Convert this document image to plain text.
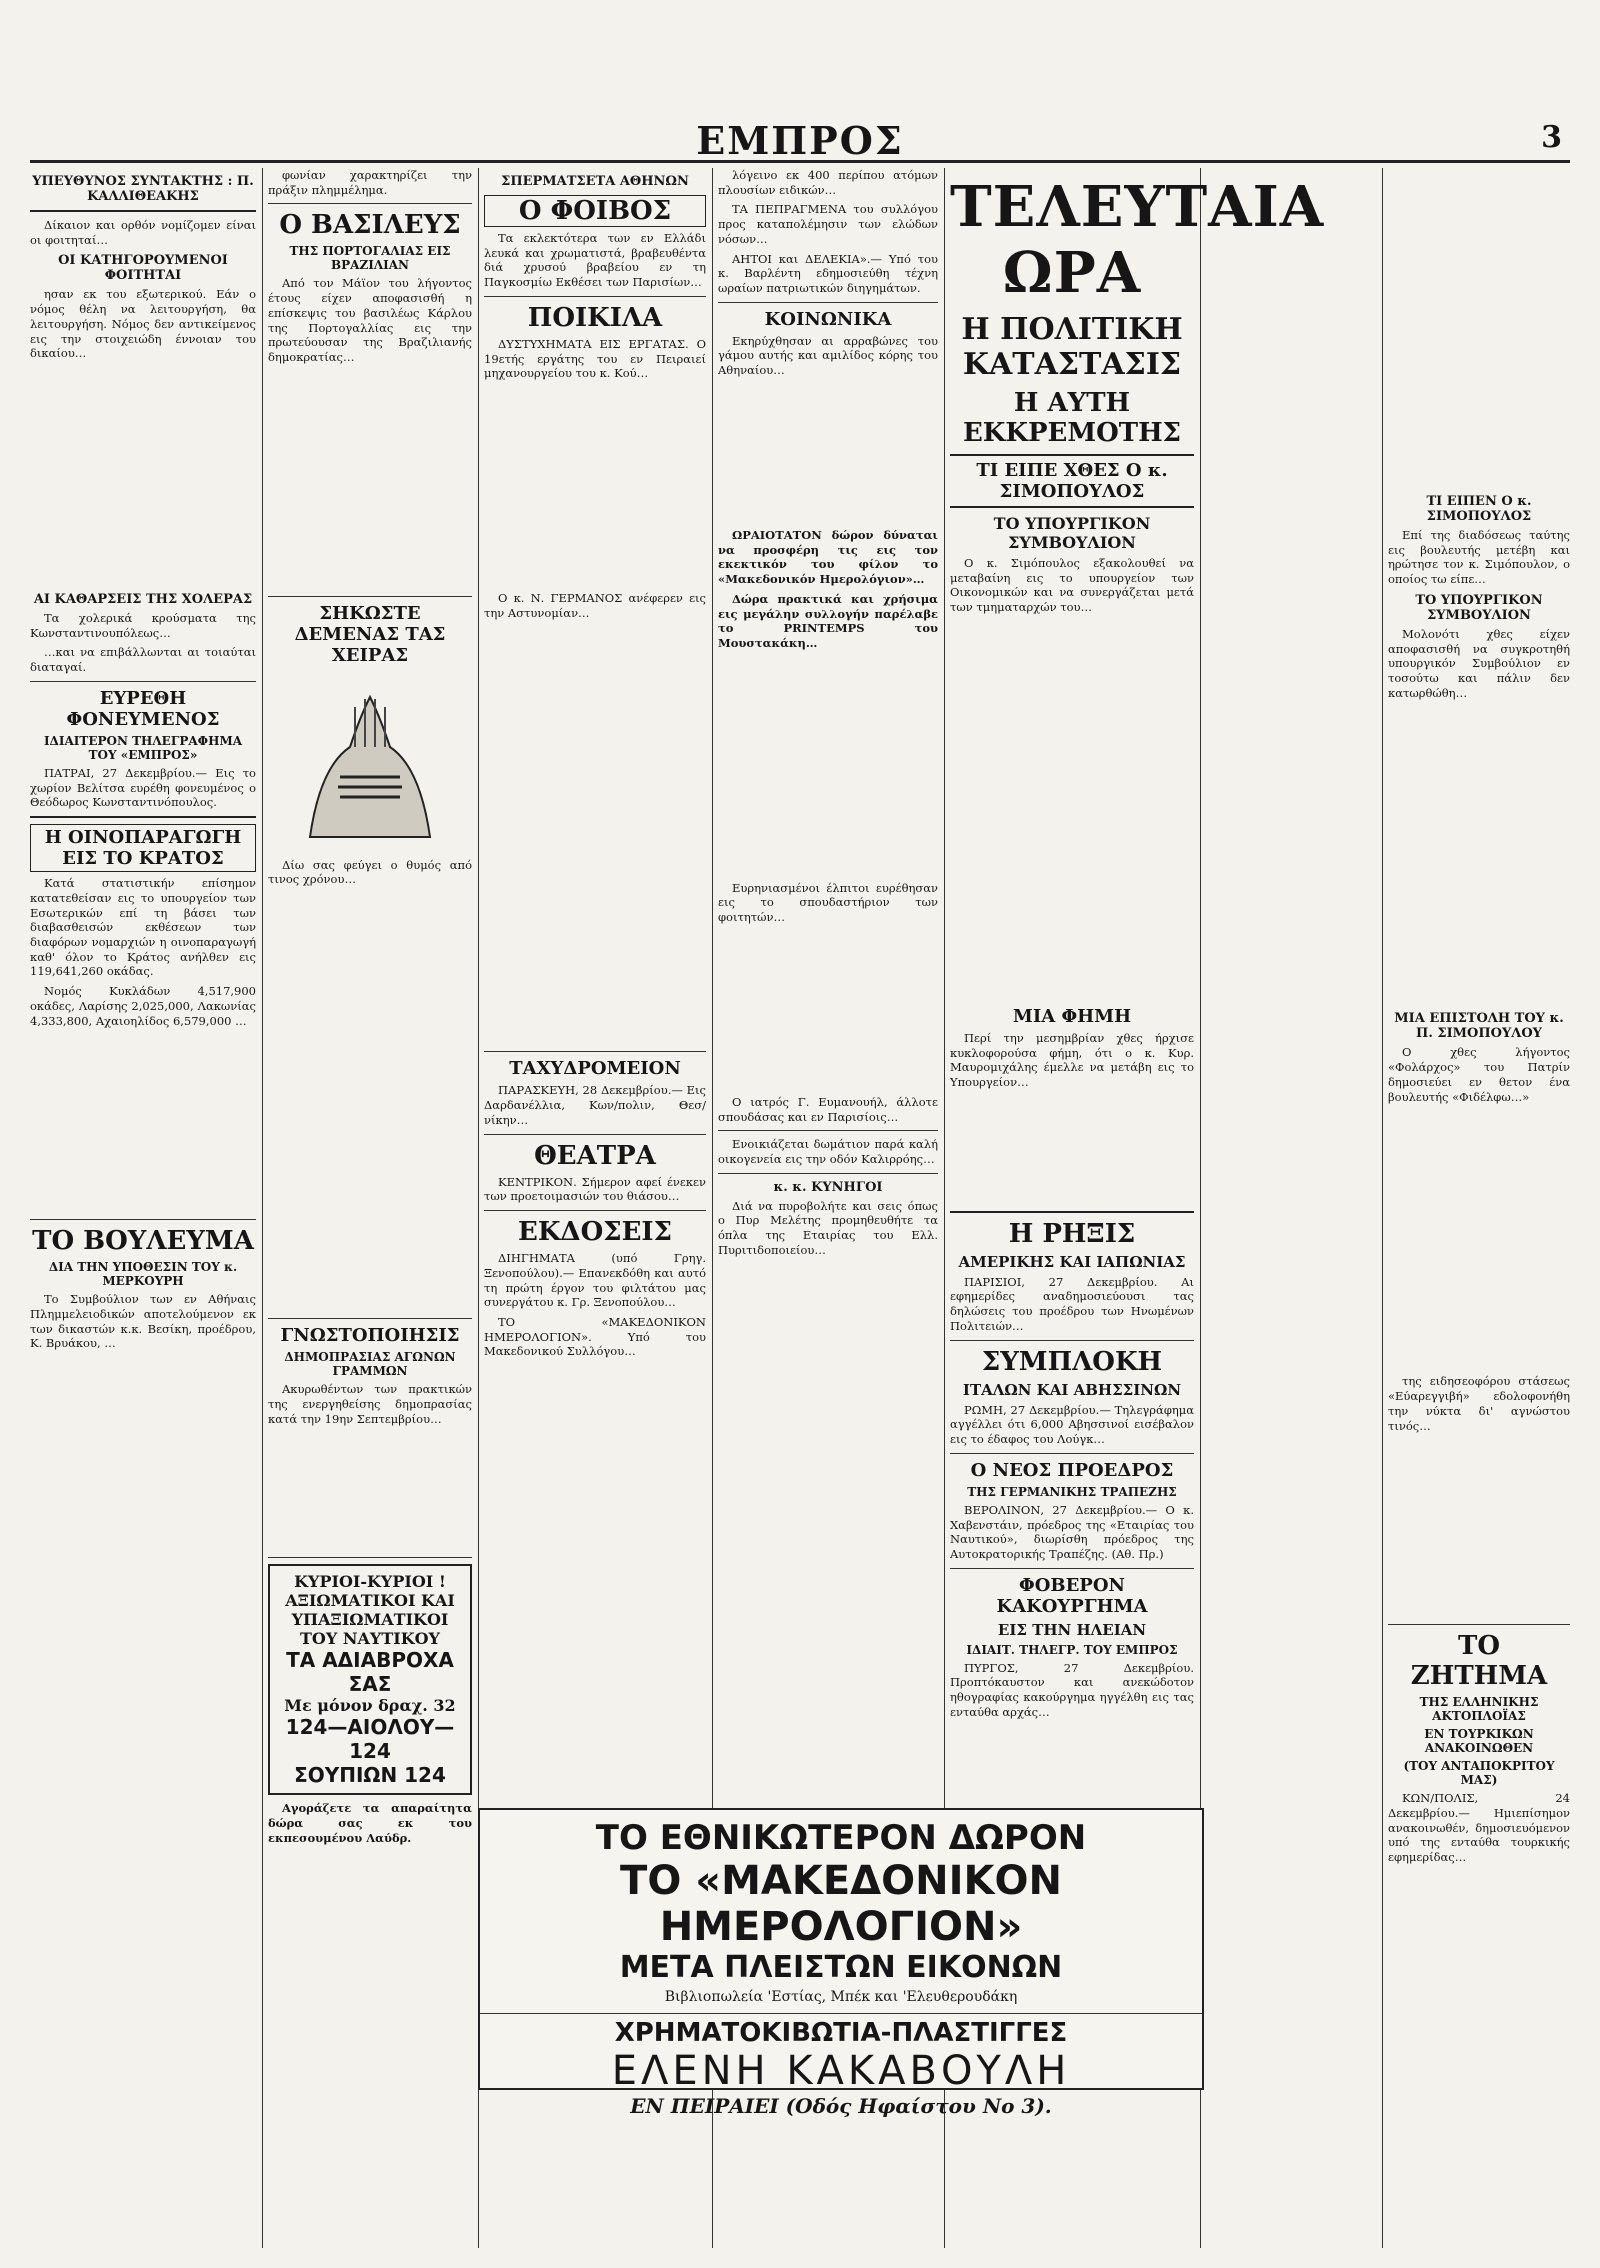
ΕΜΠΡΟΣ	3
ΥΠΕΥΘΥΝΟΣ ΣΥΝΤΑΚΤΗΣ : Π. ΚΑΛΛΙΘΕΑΚΗΣ

Δίκαιον και ορθόν νομίζομεν είναι οι φοιτηταί…

ΟΙ ΚΑΤΗΓΟΡΟΥΜΕΝΟΙ ΦΟΙΤΗΤΑΙ

ησαν εκ του εξωτερικού. Εάν ο νόμος θέλη να λειτουργήση, θα λειτουργήση. Νόμος δεν αντικείμενος εις την στοιχειώδη έννοιαν του δικαίου…

ΑΙ ΚΑΘΑΡΣΕΙΣ ΤΗΣ ΧΟΛΕΡΑΣ

Τα χολερικά κρούσματα της Κωνσταντινουπόλεως…

…και να επιβάλλωνται αι τοιαύται διαταγαί.

ΕΥΡΕΘΗ ΦΟΝΕΥΜΕΝΟΣ
ΙΔΙΑΙΤΕΡΟΝ ΤΗΛΕΓΡΑΦΗΜΑ ΤΟΥ «ΕΜΠΡΟΣ»

ΠΑΤΡΑΙ, 27 Δεκεμβρίου.— Εις το χωρίον Βελίτσα ευρέθη φονευμένος ο Θεόδωρος Κωνσταντινόπουλος.

Η ΟΙΝΟΠΑΡΑΓΩΓΗ ΕΙΣ ΤΟ ΚΡΑΤΟΣ

Κατά στατιστικήν επίσημον κατατεθείσαν εις το υπουργείον των Εσωτερικών επί τη βάσει των διαβασθεισών εκθέσεων των διαφόρων νομαρχιών η οινοπαραγωγή καθ' όλον το Κράτος ανήλθεν εις 119,641,260 οκάδας.

Νομός Κυκλάδων 4,517,900 οκάδες, Λαρίσης 2,025,000, Λακωνίας 4,333,800, Αχαιοηλίδος 6,579,000 …

ΤΟ ΒΟΥΛΕΥΜΑ
ΔΙΑ ΤΗΝ ΥΠΟΘΕΣΙΝ ΤΟΥ κ. ΜΕΡΚΟΥΡΗ

Το Συμβούλιον των εν Αθήναις Πλημμελειοδικών αποτελούμενον εκ των δικαστών κ.κ. Βεσίκη, προέδρου, Κ. Βρυάκου, …

φωνίαν χαρακτηρίζει την πράξιν πλημμέλημα.

Ο ΒΑΣΙΛΕΥΣ
ΤΗΣ ΠΟΡΤΟΓΑΛΙΑΣ ΕΙΣ ΒΡΑΖΙΛΙΑΝ

Από τον Μάϊον του λήγοντος έτους είχεν αποφασισθή η επίσκεψις του βασιλέως Κάρλου της Πορτογαλλίας εις την πρωτεύουσαν της Βραζιλιανής δημοκρατίας…

ΣΗΚΩΣΤΕ ΔΕΜΕΝΑΣ ΤΑΣ ΧΕΙΡΑΣ

Δίω σας φεύγει ο θυμός από τινος χρόνου…

ΓΝΩΣΤΟΠΟΙΗΣΙΣ
ΔΗΜΟΠΡΑΣΙΑΣ ΑΓΩΝΩΝ ΓΡΑΜΜΩΝ

Ακυρωθέντων των πρακτικών της ενεργηθείσης δημοπρασίας κατά την 19ην Σεπτεμβρίου…

ΚΥΡΙΟΙ-ΚΥΡΙΟΙ !
ΑΞΙΩΜΑΤΙΚΟΙ ΚΑΙ ΥΠΑΞΙΩΜΑΤΙΚΟΙ
ΤΟΥ ΝΑΥΤΙΚΟΥ
ΤΑ ΑΔΙΑΒΡΟΧΑ ΣΑΣ
Με μόνον δραχ. 32
124—ΑΙΟΛΟΥ—124
ΣΟΥΠΙΩΝ 124

Αγοράζετε τα απαραίτητα δώρα σας εκ του εκπεσουμένου Λαύδρ.

ΣΠΕΡΜΑΤΣΕΤΑ ΑΘΗΝΩΝ
Ο ΦΟΙΒΟΣ

Τα εκλεκτότερα των εν Ελλάδι λευκά και χρωματιστά, βραβευθέντα διά χρυσού βραβείου εν τη Παγκοσμίω Εκθέσει των Παρισίων…

ΠΟΙΚΙΛΑ

ΔΥΣΤΥΧΗΜΑΤΑ ΕΙΣ ΕΡΓΑΤΑΣ. Ο 19ετής εργάτης του εν Πειραιεί μηχανουργείου του κ. Κού…

Ο κ. Ν. ΓΕΡΜΑΝΟΣ ανέφερεν εις την Αστυνομίαν…

ΤΑΧΥΔΡΟΜΕΙΟΝ

ΠΑΡΑΣΚΕΥΗ, 28 Δεκεμβρίου.— Εις Δαρδανέλλια, Κων/πολιν, Θεσ/νίκην…

ΘΕΑΤΡΑ

ΚΕΝΤΡΙΚΟΝ. Σήμερον αφεί ένεκεν των προετοιμασιών του θιάσου…

ΕΚΔΟΣΕΙΣ

ΔΙΗΓΗΜΑΤΑ (υπό Γρηγ. Ξενοπούλου).— Επανεκδόθη και αυτό τη πρώτη έργον του φιλτάτου μας συνεργάτου κ. Γρ. Ξενοπούλου…

ΤΟ «ΜΑΚΕΔΟΝΙΚΟΝ ΗΜΕΡΟΛΟΓΙΟΝ». Υπό του Μακεδονικού Συλλόγου…

λόγεινο εκ 400 περίπου ατόμων πλουσίων ειδικών…

ΤΑ ΠΕΠΡΑΓΜΕΝΑ του συλλόγου προς καταπολέμησιν των ελώδων νόσων…

ΑΗΤΟΙ και ΔΕΛΕΚΙΑ».— Υπό του κ. Βαρλέντη εδημοσιεύθη τέχνη ωραίων πατριωτικών διηγημάτων.

ΚΟΙΝΩΝΙΚΑ

Εκηρύχθησαν αι αρραβώνες του γάμου αυτής και αμιλίδος κόρης του Αθηναίου…

ΩΡΑΙΟΤΑΤΟΝ δώρον δύναται να προσφέρη τις εις τον εκεκτικόν του φίλον το «Μακεδονικόν Ημερολόγιον»…

Δώρα πρακτικά και χρήσιμα εις μεγάλην συλλογήν παρέλαβε το PRINTEMPS του Μουστακάκη…

Ευρηνιασμένοι έλπιτοι ευρέθησαν εις το σπουδαστήριον των φοιτητών…

Ο ιατρός Γ. Ευμανουήλ, άλλοτε σπουδάσας και εν Παρισίοις…

Ενοικιάζεται δωμάτιον παρά καλή οικογενεία εις την οδόν Καλιρρόης…

κ. κ. ΚΥΝΗΓΟΙ

Διά να πυροβολήτε και σεις όπως ο Πυρ Μελέτης προμηθευθήτε τα όπλα της Εταιρίας του Ελλ. Πυριτιδοποιείου…

ΤΕΛΕΥΤΑΙΑ ΩΡΑ
Η ΠΟΛΙΤΙΚΗ ΚΑΤΑΣΤΑΣΙΣ
Η ΑΥΤΗ ΕΚΚΡΕΜΟΤΗΣ
ΤΙ ΕΙΠΕ ΧΘΕΣ Ο κ. ΣΙΜΟΠΟΥΛΟΣ
ΤΟ ΥΠΟΥΡΓΙΚΟΝ ΣΥΜΒΟΥΛΙΟΝ

Ο κ. Σιμόπουλος εξακολουθεί να μεταβαίνη εις το υπουργείον των Οικονομικών και να συνεργάζεται μετά των τμηματαρχών του…

ΜΙΑ ΦΗΜΗ

Περί την μεσημβρίαν χθες ήρχισε κυκλοφορούσα φήμη, ότι ο κ. Κυρ. Μαυρομιχάλης έμελλε να μετάβη εις το Υπουργείον…

Η ΡΗΞΙΣ
ΑΜΕΡΙΚΗΣ ΚΑΙ ΙΑΠΩΝΙΑΣ

ΠΑΡΙΣΙΟΙ, 27 Δεκεμβρίου. Αι εφημερίδες αναδημοσιεύουσι τας δηλώσεις του προέδρου των Ηνωμένων Πολιτειών…

ΣΥΜΠΛΟΚΗ
ΙΤΑΛΩΝ ΚΑΙ ΑΒΗΣΣΙΝΩΝ

ΡΩΜΗ, 27 Δεκεμβρίου.— Τηλεγράφημα αγγέλλει ότι 6,000 Αβησσινοί εισέβαλον εις το έδαφος του Λούγκ…

Ο ΝΕΟΣ ΠΡΟΕΔΡΟΣ
ΤΗΣ ΓΕΡΜΑΝΙΚΗΣ ΤΡΑΠΕΖΗΣ

ΒΕΡΟΛΙΝΟΝ, 27 Δεκεμβρίου.— Ο κ. Χαβενστάιν, πρόεδρος της «Εταιρίας του Ναυτικού», διωρίσθη πρόεδρος της Αυτοκρατορικής Τραπέζης. (Αθ. Πρ.)

ΦΟΒΕΡΟΝ ΚΑΚΟΥΡΓΗΜΑ
ΕΙΣ ΤΗΝ ΗΛΕΙΑΝ
ΙΔΙΑΙΤ. ΤΗΛΕΓΡ. ΤΟΥ ΕΜΠΡΟΣ

ΠΥΡΓΟΣ, 27 Δεκεμβρίου. Προπτόκαυστον και ανεκώδοτον ηθογραφίας κακούργημα ηγγέλθη εις τας ενταύθα αρχάς…

ΤΙ ΕΙΠΕΝ Ο κ. ΣΙΜΟΠΟΥΛΟΣ

Επί της διαδόσεως ταύτης εις βουλευτής μετέβη και ηρώτησε τον κ. Σιμόπουλον, ο οποίος τω είπε…

ΤΟ ΥΠΟΥΡΓΙΚΟΝ ΣΥΜΒΟΥΛΙΟΝ

Μολονότι χθες είχεν αποφασισθή να συγκροτηθή υπουργικόν Συμβούλιον εν τοσούτω και πάλιν δεν κατωρθώθη…

ΜΙΑ ΕΠΙΣΤΟΛΗ ΤΟΥ κ. Π. ΣΙΜΟΠΟΥΛΟΥ

Ο χθες λήγοντος «Φολάρχος» του Πατρίν δημοσιεύει εν θετον ένα βουλευτής «Φιδέλφω…»

της ειδησεοφόρου στάσεως «Εύαρεγγιβή» εδολοφονήθη την νύκτα δι' αγνώστου τινός…

ΤΟ ΖΗΤΗΜΑ
ΤΗΣ ΕΛΛΗΝΙΚΗΣ ΑΚΤΟΠΛΟΪΑΣ
ΕΝ ΤΟΥΡΚΙΚΩΝ ΑΝΑΚΟΙΝΩΘΕΝ
(ΤΟΥ ΑΝΤΑΠΟΚΡΙΤΟΥ ΜΑΣ)

ΚΩΝ/ΠΟΛΙΣ, 24 Δεκεμβρίου.— Ημιεπίσημον ανακοινωθέν, δημοσιευόμενον υπό της ενταύθα τουρκικής εφημερίδας…

ΤΟ ΕΘΝΙΚΩΤΕΡΟΝ ΔΩΡΟΝ
ΤΟ «ΜΑΚΕΔΟΝΙΚΟΝ ΗΜΕΡΟΛΟΓΙΟΝ»
ΜΕΤΑ ΠΛΕΙΣΤΩΝ ΕΙΚΟΝΩΝ
Βιβλιοπωλεία 'Εστίας, Μπέκ και 'Ελευθερουδάκη
ΧΡΗΜΑΤΟΚΙΒΩΤΙΑ-ΠΛΑΣΤΙΓΓΕΣ
ΕΛΕΝΗ ΚΑΚΑΒΟΥΛΗ
ΕΝ ΠΕΙΡΑΙΕΙ (Οδός Ηφαίστου Νο 3).
